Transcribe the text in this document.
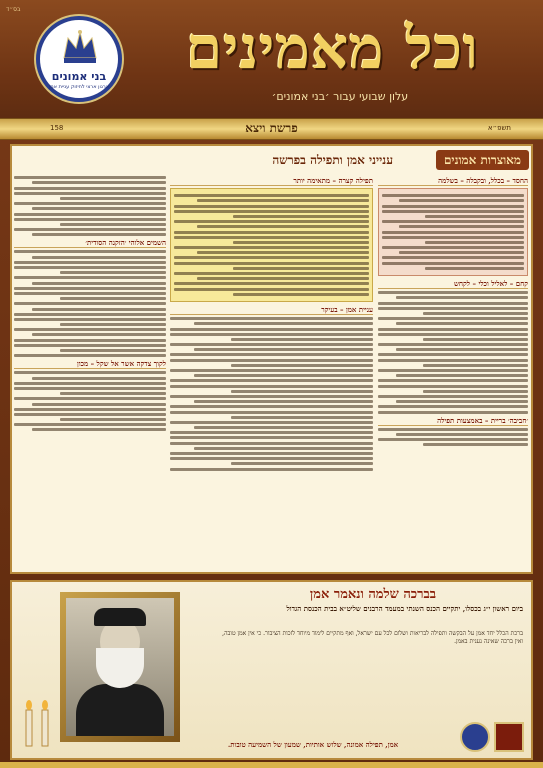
בס״ד
וכל מאמינים
עלון שבועי עבור ׳בני אמונים׳
בני אמונים
ארגון ארצי לחיזוק עניית אמן
158	פרשת ויצא	תשפ״א
מאוצרות אמונים
ענייני אמן ותפילה בפרשה
החסד – בכלל, ובקבלה – בשלמה
קחם – לאליל וכלי – לקחש
׳חביבה׳ בריית – באמצעות תפילה
תפילה קצרה – מתאימה יותר
עניית אמן – בעיקר
השמים אלוהי ׳הזקנה הסודית׳
לקוך צדקה אשר אל שקל – מכון
בברכה שלמה ונאמר אמן
ביום ראשון י״ג בכסלו, יתקיים הכנס השנתי במעמד הרבנים שליט״א בבית הכנסת הגדול
ברכת הכלל יחד אמן על הבקשה ותפילה לבריאות ושלום לכל עם ישראל, ואף מתקיים לימוד מיוחד לזכות הציבור. כי אין אמן טובה, ואין ברכה שאינה נענית באמן.
אמן, תפילה אמונה, שלוש אותיות, שמעון של השמיעה טובות.
